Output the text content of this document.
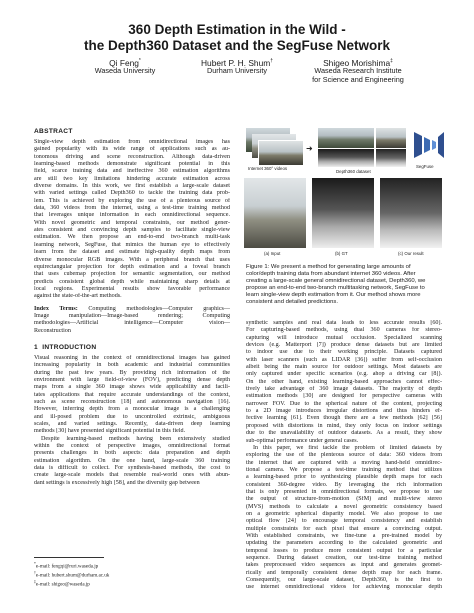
360 Depth Estimation in the Wild -
the Depth360 Dataset and the SegFuse Network
Qi Feng*
Waseda University
Hubert P. H. Shum†
Durham University
Shigeo Morishima‡
Waseda Research Institute
for Science and Engineering
ABSTRACT
Single-view depth estimation from omnidirectional images has
gained popularity with its wide range of applications such as au-
tonomous driving and scene reconstruction. Although data-driven
learning-based methods demonstrate significant potential in this
field, scarce training data and ineffective 360 estimation algorithms
are still two key limitations hindering accurate estimation across
diverse domains. In this work, we first establish a large-scale dataset
with varied settings called Depth360 to tackle the training data prob-
lem. This is achieved by exploring the use of a plenteous source of
data, 360 videos from the internet, using a test-time training method
that leverages unique information in each omnidirectional sequence.
With novel geometric and temporal constraints, our method gener-
ates consistent and convincing depth samples to facilitate single-view
estimation. We then propose an end-to-end two-branch multi-task
learning network, SegFuse, that mimics the human eye to effectively
learn from the dataset and estimate high-quality depth maps from
diverse monocular RGB images. With a peripheral branch that uses
equirectangular projection for depth estimation and a foveal branch
that uses cubemap projection for semantic segmentation, our method
predicts consistent global depth while maintaining sharp details at
local regions. Experimental results show favorable performance
against the state-of-the-art methods.
Index Terms: Computing methodologies—Computer graphics—
Image manipulation—Image-based rendering; Computing
methodologies—Artificial intelligence—Computer vision—
Reconstruction
1 INTRODUCTION
Visual reasoning in the context of omnidirectional images has gained
increasing popularity in both academic and industrial communities
during the past few years. By providing rich information of the
environment with large field-of-view (FOV), predicting dense depth
maps from a single 360 image shows wide applicability and facili-
tates applications that require accurate understandings of the context,
such as scene reconstruction [18] and autonomous navigation [16].
However, inferring depth from a monocular image is a challenging
and ill-posed problem due to uncontrolled extrinsic, ambiguous
scales, and varied settings. Recently, data-driven deep learning
methods [30] have presented significant potential in this field.
Despite learning-based methods having been extensively studied
within the context of perspective images, omnidirectional format
presents challenges in both aspects: data preparation and depth
estimation algorithm. On the one hand, large-scale 360 training
data is difficult to collect. For synthesis-based methods, the cost to
create large-scale models that resemble real-world ones with abun-
dant settings is excessively high [58], and the diversity gap between
*e-mail: fengqi@ruri.waseda.jp
†e-mail: hubert.shum@durham.ac.uk
‡e-mail: shigeo@waseda.jp
Internet 360° videos
➜
Depth360 dataset
SegFuse
(a) Input	(b) GT	(c) Our result
Figure 1: We present a method for generating large amounts of
color/depth training data from abundant internet 360 videos. After
creating a large-scale general omnidirectional dataset, Depth360, we
propose an end-to-end two-branch multitasking network, SegFuse to
learn single-view depth estimation from it. Our method shows more
consistent and detailed predictions.
synthetic samples and real data leads to less accurate results [60].
For capturing-based methods, using dual 360 cameras for stereo-
capturing will introduce mutual occlusion. Specialized scanning
devices (e.g. Matterport [7]) produce dense datasets but are limited
to indoor use due to their working principle. Datasets captured
with laser scanners (such as LIDAR [36]) suffer from self-occlusion
albeit being the main source for outdoor settings. Most datasets are
only captured under specific scenarios (e.g. ahop a driving car [8]).
On the other hand, existing learning-based approaches cannot effec-
tively take advantage of 360 image datasets. The majority of depth
estimation methods [30] are designed for perspective cameras with
narrower FOV. Due to the spherical nature of the content, projecting
to a 2D image introduces irregular distortions and thus hinders ef-
fective learning [61]. Even though there are a few methods [62] [56]
proposed with distortions in mind, they only focus on indoor settings
due to the unavailability of outdoor datasets. As a result, they show
sub-optimal performance under general cases.
In this paper, we first tackle the problem of limited datasets by
exploring the use of the plenteous source of data: 360 videos from
the internet that are captured with a moving hand-held omnidirec-
tional camera. We propose a test-time training method that utilizes
a learning-based prior to synthesizing plausible depth maps for each
consistent 360-degree video. By leveraging the rich information
that is only presented in omnidirectional formats, we propose to use
the output of structure-from-motion (SfM) and multi-view stereo
(MVS) methods to calculate a novel geometric consistency based
on a geometric spherical disparity model. We also propose to use
optical flow [24] to encourage temporal consistency and establish
multiple constraints for each pixel that ensure a convincing output.
With established constraints, we fine-tune a pre-trained model by
updating the parameters according to the calculated geometric and
temporal losses to produce more consistent output for a particular
sequence. During dataset creation, our test-time training method
takes preprocessed video sequences as input and generates geomet-
rically and temporally consistent dense depth map for each frame.
Consequently, our large-scale dataset, Depth360, is the first to
use internet omnidirectional videos for achieving monocular depth
